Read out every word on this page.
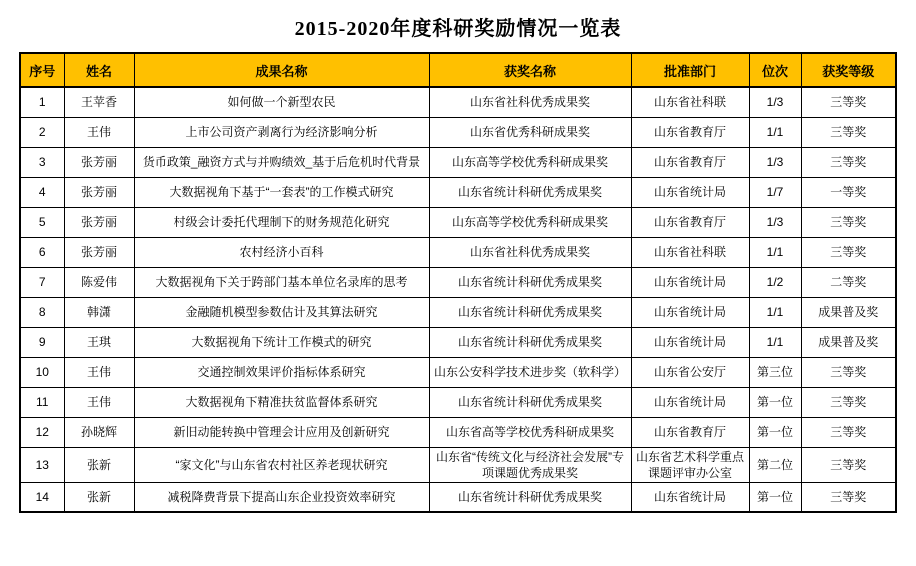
2015-2020年度科研奖励情况一览表
序号	姓名	成果名称	获奖名称	批准部门	位次	获奖等级
1	王苹香	如何做一个新型农民	山东省社科优秀成果奖	山东省社科联	1/3	三等奖
2	王伟	上市公司资产剥离行为经济影响分析	山东省优秀科研成果奖	山东省教育厅	1/1	三等奖
3	张芳丽	货币政策_融资方式与并购绩效_基于后危机时代背景	山东高等学校优秀科研成果奖	山东省教育厅	1/3	三等奖
4	张芳丽	大数据视角下基于“一套表”的工作模式研究	山东省统计科研优秀成果奖	山东省统计局	1/7	一等奖
5	张芳丽	村级会计委托代理制下的财务规范化研究	山东高等学校优秀科研成果奖	山东省教育厅	1/3	三等奖
6	张芳丽	农村经济小百科	山东省社科优秀成果奖	山东省社科联	1/1	三等奖
7	陈爱伟	大数据视角下关于跨部门基本单位名录库的思考	山东省统计科研优秀成果奖	山东省统计局	1/2	二等奖
8	韩潇	金融随机模型参数估计及其算法研究	山东省统计科研优秀成果奖	山东省统计局	1/1	成果普及奖
9	王琪	大数据视角下统计工作模式的研究	山东省统计科研优秀成果奖	山东省统计局	1/1	成果普及奖
10	王伟	交通控制效果评价指标体系研究	山东公安科学技术进步奖（软科学）	山东省公安厅	第三位	三等奖
11	王伟	大数据视角下精准扶贫监督体系研究	山东省统计科研优秀成果奖	山东省统计局	第一位	三等奖
12	孙晓辉	新旧动能转换中管理会计应用及创新研究	山东省高等学校优秀科研成果奖	山东省教育厅	第一位	三等奖
13	张新	“家文化”与山东省农村社区养老现状研究	山东省“传统文化与经济社会发展”专项课题优秀成果奖	山东省艺术科学重点课题评审办公室	第二位	三等奖
14	张新	减税降费背景下提高山东企业投资效率研究	山东省统计科研优秀成果奖	山东省统计局	第一位	三等奖
